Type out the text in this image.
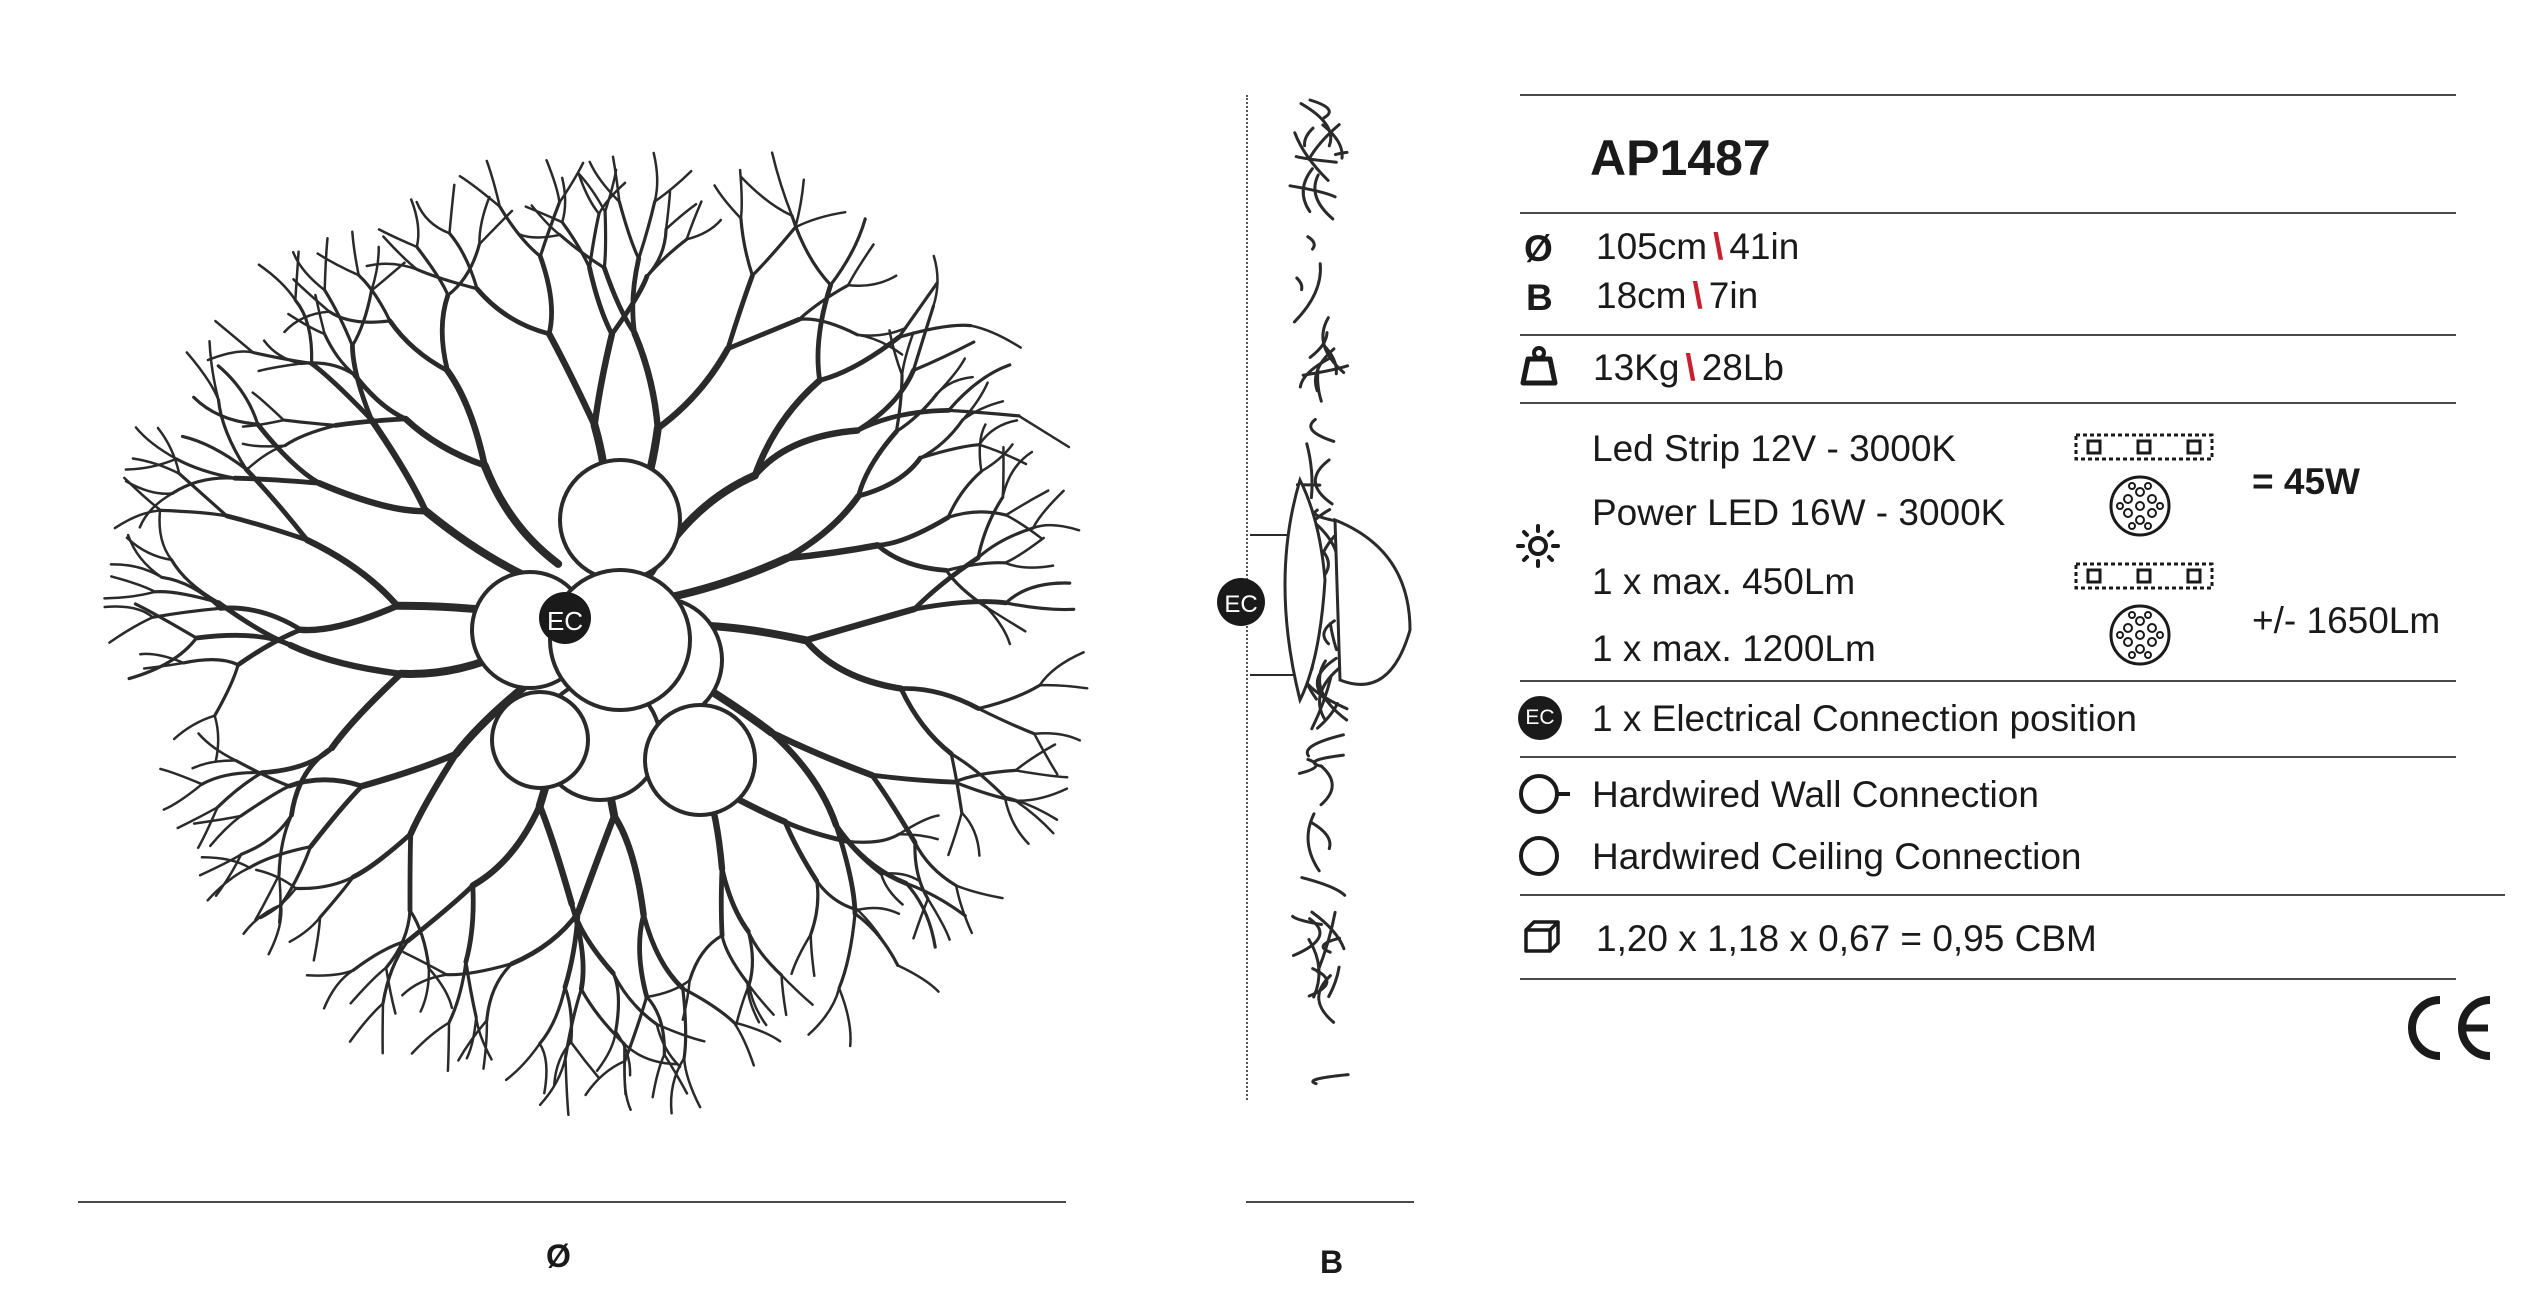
EC
Ø
EC
B
AP1487
Ø 105cm \ 41in
B 18cm \ 7in
13Kg \ 28Lb
Led Strip 12V - 3000K
Power LED 16W - 3000K
1 x max. 450Lm
1 x max. 1200Lm
= 45W
+/- 1650Lm
EC 1 x Electrical Connection position
Hardwired Wall Connection
Hardwired Ceiling Connection
1,20 x 1,18 x 0,67 = 0,95 CBM
CE
